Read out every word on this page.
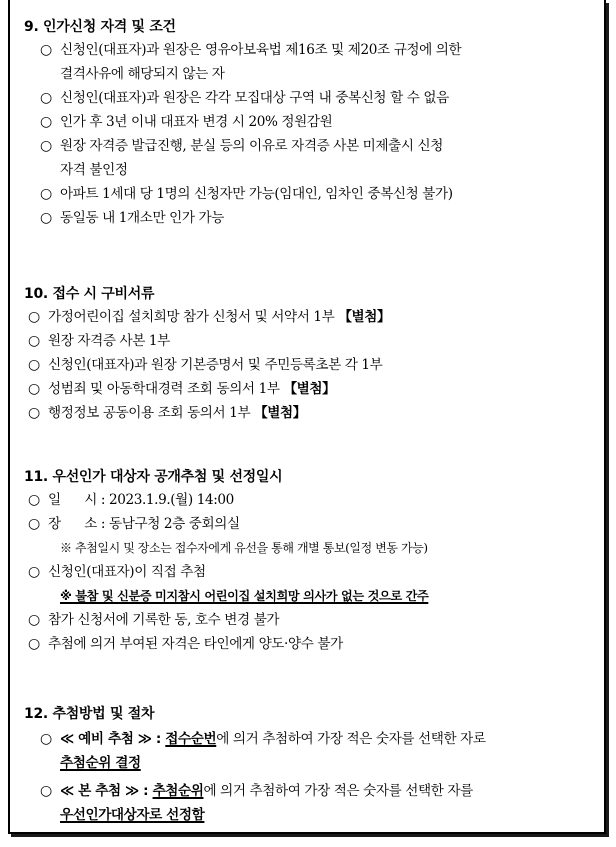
9. 인가신청 자격 및 조건
○ 신청인(대표자)과 원장은 영유아보육법 제16조 및 제20조 규정에 의한
결격사유에 해당되지 않는 자
○ 신청인(대표자)과 원장은 각각 모집대상 구역 내 중복신청 할 수 없음
○ 인가 후 3년 이내 대표자 변경 시 20% 정원감원
○ 원장 자격증 발급진행, 분실 등의 이유로 자격증 사본 미제출시 신청
자격 불인정
○ 아파트 1세대 당 1명의 신청자만 가능(임대인, 임차인 중복신청 불가)
○ 동일동 내 1개소만 인가 가능
10. 접수 시 구비서류
○ 가정어린이집 설치희망 참가 신청서 및 서약서 1부 【별첨】
○ 원장 자격증 사본 1부
○ 신청인(대표자)과 원장 기본증명서 및 주민등록초본 각 1부
○ 성범죄 및 아동학대경력 조회 동의서 1부 【별첨】
○ 행정정보 공동이용 조회 동의서 1부 【별첨】
11. 우선인가 대상자 공개추첨 및 선정일시
○ 일      시 : 2023.1.9.(월) 14:00
○ 장      소 : 동남구청 2층 중회의실
※ 추첨일시 및 장소는 접수자에게 유선을 통해 개별 통보(일정 변동 가능)
○ 신청인(대표자)이 직접 추첨
※ 불참 및 신분증 미지참시 어린이집 설치희망 의사가 없는 것으로 간주
○ 참가 신청서에 기록한 동, 호수 변경 불가
○ 추첨에 의거 부여된 자격은 타인에게 양도·양수 불가
12. 추첨방법 및 절차
○ ≪ 예비 추첨 ≫ : 접수순번에 의거 추첨하여 가장 적은 숫자를 선택한 자로
추첨순위 결정
○ ≪ 본 추첨 ≫ : 추첨순위에 의거 추첨하여 가장 적은 숫자를 선택한 자를
우선인가대상자로 선정함
